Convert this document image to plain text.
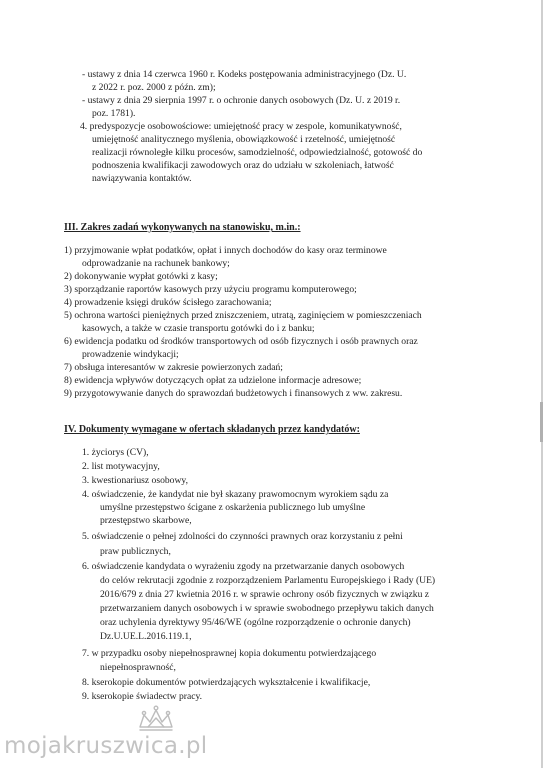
- ustawy z dnia 14 czerwca 1960 r. Kodeks postępowania administracyjnego (Dz. U.
z 2022 r. poz. 2000 z późn. zm);
- ustawy z dnia 29 sierpnia 1997 r. o ochronie danych osobowych (Dz. U. z 2019 r.
poz. 1781).
4. predyspozycje osobowościowe: umiejętność pracy w zespole, komunikatywność,
umiejętność analitycznego myślenia, obowiązkowość i rzetelność, umiejętność
realizacji równoległe kilku procesów, samodzielność, odpowiedzialność, gotowość do
podnoszenia kwalifikacji zawodowych oraz do udziału w szkoleniach, łatwość
nawiązywania kontaktów.
III. Zakres zadań wykonywanych na stanowisku, m.in.:
1) przyjmowanie wpłat podatków, opłat i innych dochodów do kasy oraz terminowe
odprowadzanie na rachunek bankowy;
2) dokonywanie wypłat gotówki z kasy;
3) sporządzanie raportów kasowych przy użyciu programu komputerowego;
4) prowadzenie księgi druków ścisłego zarachowania;
5) ochrona wartości pieniężnych przed zniszczeniem, utratą, zaginięciem w pomieszczeniach
kasowych, a także w czasie transportu gotówki do i z banku;
6) ewidencja podatku od środków transportowych od osób fizycznych i osób prawnych oraz
prowadzenie windykacji;
7) obsługa interesantów w zakresie powierzonych zadań;
8) ewidencja wpływów dotyczących opłat za udzielone informacje adresowe;
9) przygotowywanie danych do sprawozdań budżetowych i finansowych z ww. zakresu.
IV. Dokumenty wymagane w ofertach składanych przez kandydatów:
1. życiorys (CV),
2. list motywacyjny,
3. kwestionariusz osobowy,
4. oświadczenie, że kandydat nie był skazany prawomocnym wyrokiem sądu za
umyślne przestępstwo ścigane z oskarżenia publicznego lub umyślne
przestępstwo skarbowe,
5. oświadczenie o pełnej zdolności do czynności prawnych oraz korzystaniu z pełni
praw publicznych,
6. oświadczenie kandydata o wyrażeniu zgody na przetwarzanie danych osobowych
do celów rekrutacji zgodnie z rozporządzeniem Parlamentu Europejskiego i Rady (UE)
2016/679 z dnia 27 kwietnia 2016 r. w sprawie ochrony osób fizycznych w związku z
przetwarzaniem danych osobowych i w sprawie swobodnego przepływu takich danych
oraz uchylenia dyrektywy 95/46/WE (ogólne rozporządzenie o ochronie danych)
Dz.U.UE.L.2016.119.1,
7. w przypadku osoby niepełnosprawnej kopia dokumentu potwierdzającego
niepełnosprawność,
8. kserokopie dokumentów potwierdzających wykształcenie i kwalifikacje,
9. kserokopie świadectw pracy.
mojakruszwica.pl
